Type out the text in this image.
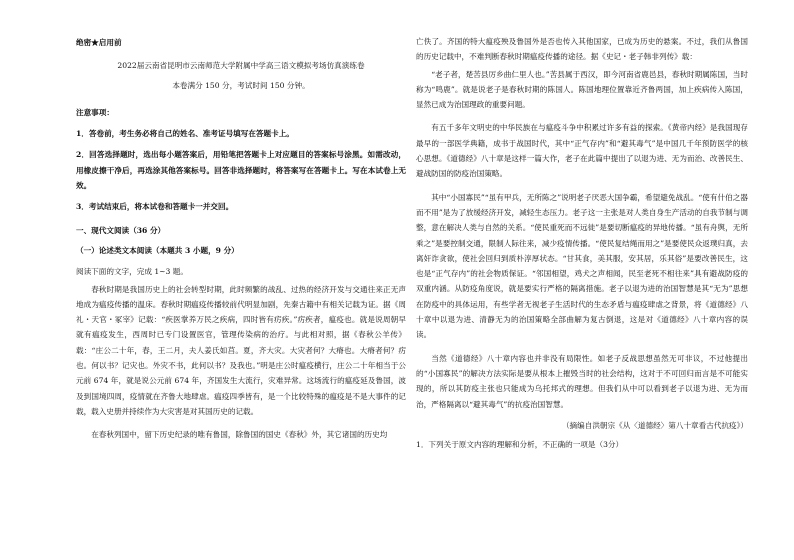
绝密★启用前

2022届云南省昆明市云南师范大学附属中学高三语文模拟考场仿真演练卷

本卷满分 150 分，考试时间 150 分钟。

注意事项：

1．答卷前，考生务必将自己的姓名、准考证号填写在答题卡上。

2．回答选择题时，选出每小题答案后，用铅笔把答题卡上对应题目的答案标号涂黑。如需改动，用橡皮擦干净后，再选涂其他答案标号。回答非选择题时，将答案写在答题卡上。写在本试卷上无效。

3．考试结束后，将本试卷和答题卡一并交回。

一、现代文阅读（36 分）

（一）论述类文本阅读（本题共 3 小题，9 分）

阅读下面的文字，完成 1~3 题。

春秋时期是我国历史上的社会转型时期，此时频繁的战乱、过热的经济开发与交通往来正无声地成为瘟疫传播的温床。春秋时期瘟疫传播较前代明显加剧，先秦古籍中有相关记载为证。据《周礼・天官・冢宰》记载：“疾医掌养万民之疾病，四时皆有疠疾。”疠疾者，瘟疫也。就是说周朝早就有瘟疫发生，西周时已专门设置医官，管理传染病的治疗。与此相对照，据《春秋公羊传》载：“庄公二十年，春，王二月，夫人姜氏如莒。夏，齐大灾。大灾者何？大瘠也。大瘠者何？疠也。何以书？记灾也。外灾不书，此何以书？及我也。”明是庄公时瘟疫横行，庄公二十年相当于公元前 674 年，就是说公元前 674 年，齐国发生大流行，灾难异常。这场流行的瘟疫延及鲁国，波及到国境四周，疫情就在齐鲁大地肆虐。瘟疫四季皆有，是一个比较特殊的瘟疫是不是大事件的记载，载入史册并持续作为大灾害是对其国历史的记载。

在春秋列国中，留下历史纪录的唯有鲁国，除鲁国的国史《春秋》外，其它诸国的历史均

亡佚了。齐国的特大瘟疫殃及鲁国外是否也传入其他国家，已成为历史的悬案。不过，我们从鲁国的历史记载中，不难判断春秋时期瘟疫传播的途径。据《史记・老子韩非列传》载：

“老子者，楚苦县厉乡曲仁里人也。”苦县属于西汉，即今河南省鹿邑县，春秋时期属陈国，当时称为“鸣鹿”。就是说老子是春秋时期的陈国人。陈国地理位置靠近齐鲁两国，加上疾病传入陈国，显然已成为治国理政的重要问题。

有五千多年文明史的中华民族在与瘟疫斗争中积累过许多有益的探索。《黄帝内经》是我国现存最早的一部医学典籍，成书于战国时代，其中“正气存内”和“避其毒气”是中国几千年预防医学的核心思想。《道德经》八十章是这样一篇大作，老子在此篇中提出了以退为进、无为而治、改善民生、避战防国的防疫治国策略。

其中“小国寡民”“虽有甲兵，无所陈之”说明老子厌恶大国争霸，希望避免战乱。“使有什伯之器而不用”是为了放缓经济开发，减轻生态压力。老子这一主张是对人类自身生产活动的自我节制与调整，意在解决人类与自然的关系。“使民重死而不远徙”是要切断瘟疫的异地传播。“虽有舟舆，无所乘之”是要控制交通，限制人际往来，减少疫情传播。“使民复结绳而用之”是要使民众返璞归真，去离奸诈贪欲，使社会回归到质朴淳厚状态。“甘其食，美其服，安其居，乐其俗”是要改善民生，这也是“正气存内”的社会物质保证。“邻国相望，鸡犬之声相闻，民至老死不相往来”具有避战防疫的双重内涵。从防疫角度说，就是要实行严格的隔离措施。老子以退为进的治国智慧是其“无为”思想在防疫中的具体运用，有些学者无视老子生活时代的生态矛盾与瘟疫肆虐之背景，将《道德经》八十章中以退为进、清静无为的治国策略全部曲解为复古倒退，这是对《道德经》八十章内容的误读。

当然《道德经》八十章内容也并非没有局限性。如老子反战思想虽然无可非议，不过他提出的“小国寡民”的解决方法实际是要从根本上摧毁当时的社会结构，这对于不可回归而言是不可能实现的，所以其防疫主张也只能成为乌托邦式的理想。但我们从中可以看到老子以退为进、无为而治，严格隔离以“避其毒气”的抗疫治国智慧。

（摘编自洪朝宗《从〈道德经〉第八十章看古代抗疫》）

1．下列关于原文内容的理解和分析，不正确的一项是（3分）
